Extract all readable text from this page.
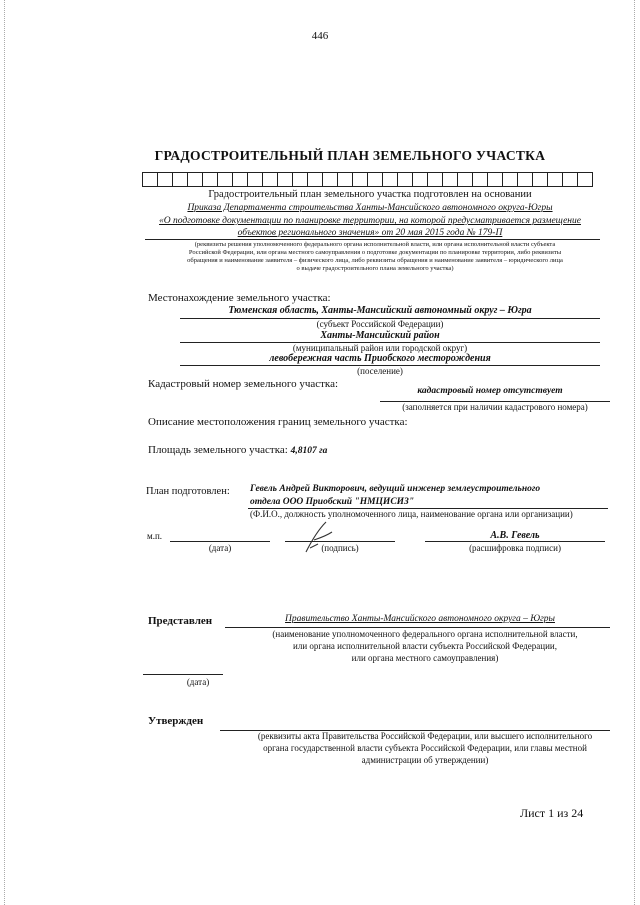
446
ГРАДОСТРОИТЕЛЬНЫЙ ПЛАН ЗЕМЕЛЬНОГО УЧАСТКА
Градостроительный план земельного участка подготовлен на основании
Приказа Департамента строительства Ханты-Мансийского автономного округа-Югры
«О подготовке документации по планировке территории, на которой предусматривается размещение
объектов регионального значения» от 20 мая 2015 года № 179-П
(реквизиты решения уполномоченного федерального органа исполнительной власти, или органа исполнительной власти субъекта
Российской Федерации, или органа местного самоуправления о подготовке документации по планировке территории, либо реквизиты
обращения и наименование заявителя – физического лица, либо реквизиты обращения и наименование заявителя – юридического лица
о выдаче градостроительного плана земельного участка)
Местонахождение земельного участка:
Тюменская область, Ханты-Мансийский автономный округ – Югра
(субъект Российской Федерации)
Ханты-Мансийский район
(муниципальный район или городской округ)
левобережная часть Приобского месторождения
(поселение)
Кадастровый номер земельного участка:
кадастровый номер отсутствует
(заполняется при наличии кадастрового номера)
Описание местоположения границ земельного участка:
Площадь земельного участка: 4,8107 га
План подготовлен: Гевель Андрей Викторович, ведущий инженер землеустроительного
отдела ООО Приобский "НМЦИСИЗ"
(Ф.И.О., должность уполномоченного лица, наименование органа или организации)
м.п.
(дата)	(подпись)
А.В. Гевель
(расшифровка подписи)
Представлен	Правительство Ханты-Мансийского автономного округа – Югры
(наименование уполномоченного федерального органа исполнительной власти,
или органа исполнительной власти субъекта Российской Федерации,
или органа местного самоуправления)
(дата)
Утвержден
(реквизиты акта Правительства Российской Федерации, или высшего исполнительного
органа государственной власти субъекта Российской Федерации, или главы местной
администрации об утверждении)
Лист 1 из 24
